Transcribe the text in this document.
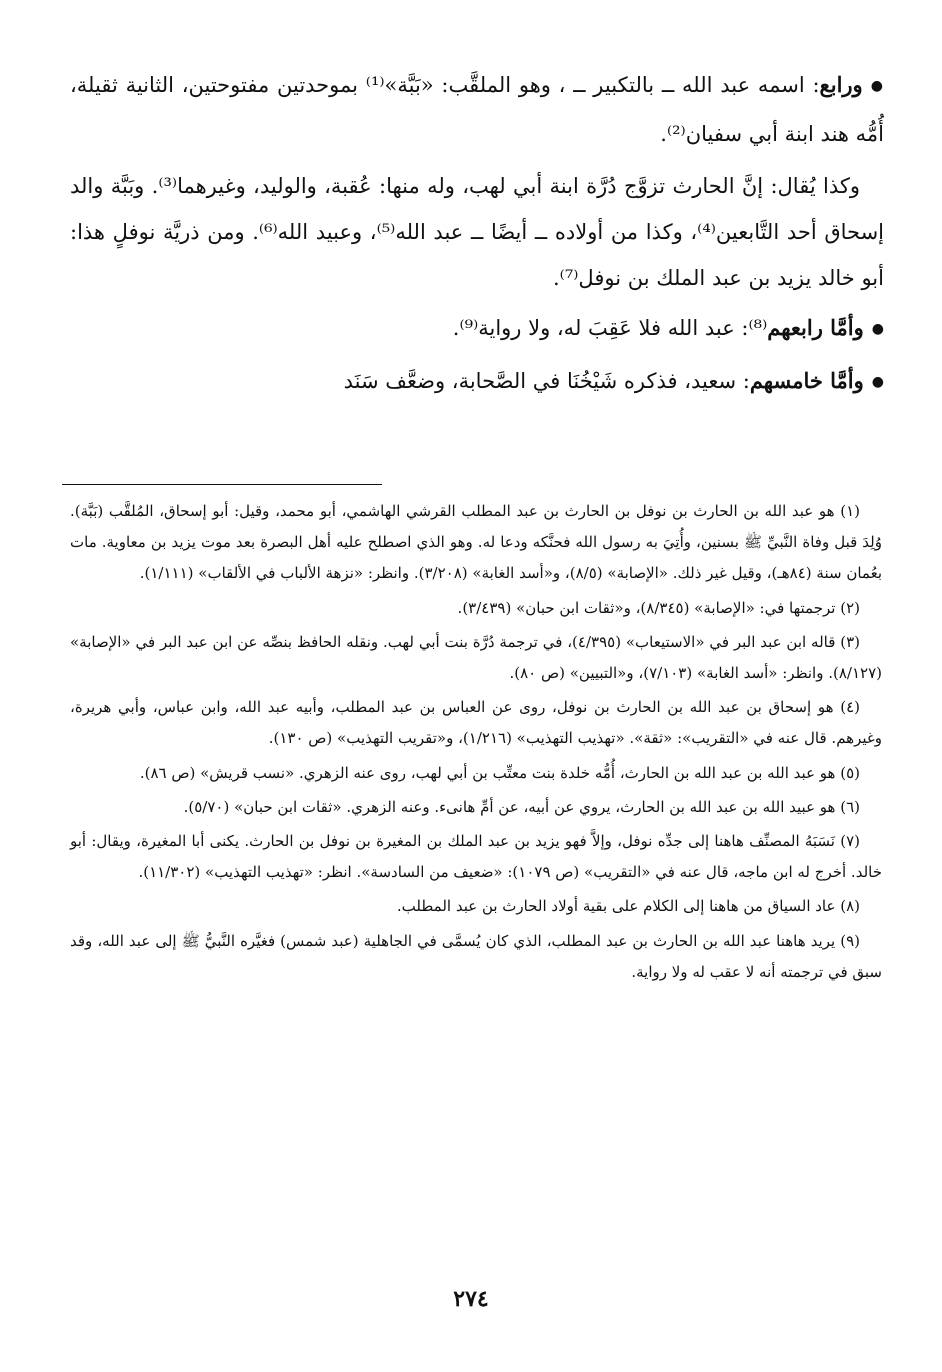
●ورابع: اسمه عبد الله ــ بالتكبير ــ ، وهو الملقَّب: «بَبَّة»⁽¹⁾ بموحدتين مفتوحتين، الثانية ثقيلة، أُمُّه هند ابنة أبي سفيان⁽²⁾.

وكذا يُقال: إنَّ الحارث تزوَّج دُرَّة ابنة أبي لهب، وله منها: عُقبة، والوليد، وغيرهما⁽³⁾. وبَبَّة والد إسحاق أحد التَّابعين⁽⁴⁾، وكذا من أولاده ــ أيضًا ــ عبد الله⁽⁵⁾، وعبيد الله⁽⁶⁾. ومن ذريَّة نوفلٍ هذا: أبو خالد يزيد بن عبد الملك بن نوفل⁽⁷⁾.

●وأمَّا رابعهم⁽⁸⁾: عبد الله فلا عَقِبَ له، ولا رواية⁽⁹⁾.

●وأمَّا خامسهم: سعيد، فذكره شَيْخُنَا في الصَّحابة، وضعَّف سَنَد

(١) هو عبد الله بن الحارث بن نوفل بن الحارث بن عبد المطلب القرشي الهاشمي، أبو محمد، وقيل: أبو إسحاق، المُلقَّب (بَبَّة). وُلِدَ قبل وفاة النَّبيِّ ﷺ بسنين، وأُتِيَ به رسول الله فحنَّكه ودعا له. وهو الذي اصطلح عليه أهل البصرة بعد موت يزيد بن معاوية. مات بعُمان سنة (٨٤هـ)، وقيل غير ذلك. «الإصابة» (٨/٥)، و«أسد الغابة» (٣/٢٠٨). وانظر: «نزهة الألباب في الألقاب» (١/١١١).

(٢) ترجمتها في: «الإصابة» (٨/٣٤٥)، و«ثقات ابن حبان» (٣/٤٣٩).

(٣) قاله ابن عبد البر في «الاستيعاب» (٤/٣٩٥)، في ترجمة دُرَّة بنت أبي لهب. ونقله الحافظ بنصِّه عن ابن عبد البر في «الإصابة» (٨/١٢٧). وانظر: «أسد الغابة» (٧/١٠٣)، و«التبيين» (ص ٨٠).

(٤) هو إسحاق بن عبد الله بن الحارث بن نوفل، روى عن العباس بن عبد المطلب، وأبيه عبد الله، وابن عباس، وأبي هريرة، وغيرهم. قال عنه في «التقريب»: «ثقة». «تهذيب التهذيب» (١/٢١٦)، و«تقريب التهذيب» (ص ١٣٠).

(٥) هو عبد الله بن عبد الله بن الحارث، أُمُّه خلدة بنت معتِّب بن أبي لهب، روى عنه الزهري. «نسب قريش» (ص ٨٦).

(٦) هو عبيد الله بن عبد الله بن الحارث، يروي عن أبيه، عن أمِّ هانىء. وعنه الزهري. «ثقات ابن حبان» (٥/٧٠).

(٧) نَسَبَهُ المصنِّف هاهنا إلى جدِّه نوفل، وإلاَّ فهو يزيد بن عبد الملك بن المغيرة بن نوفل بن الحارث. يكنى أبا المغيرة، ويقال: أبو خالد. أخرج له ابن ماجه، قال عنه في «التقريب» (ص ١٠٧٩): «ضعيف من السادسة». انظر: «تهذيب التهذيب» (١١/٣٠٢).

(٨) عاد السياق من هاهنا إلى الكلام على بقية أولاد الحارث بن عبد المطلب.

(٩) يريد هاهنا عبد الله بن الحارث بن عبد المطلب، الذي كان يُسمَّى في الجاهلية (عبد شمس) فغيَّره النَّبيُّ ﷺ إلى عبد الله، وقد سبق في ترجمته أنه لا عقب له ولا رواية.

٢٧٤
